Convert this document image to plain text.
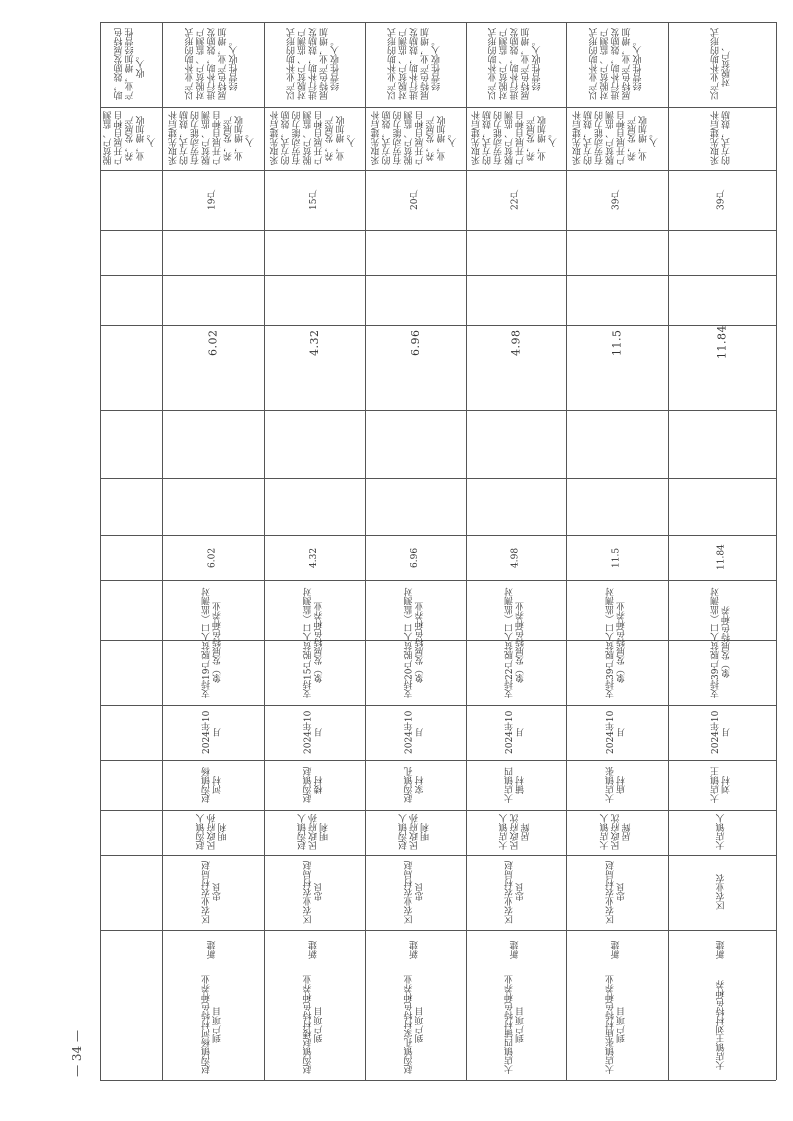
— 34 —
助，鼓励发展特色产业，增加经营性收入。
脱贫户、监测户开展自种自养，发展产业，增加收入。
以产业补助的形式对脱贫户、监测户进行补助，鼓励发展特色产业，增加经营性收入。
采取先建后补的方式，鼓励有劳动能力的脱贫户、监测户开展自种自养，发展产业，增加收入。
19户
6.02
6.02
支持19户脱贫人口（监测对象）发展特色种养业
2024年10月
赵沟镇杨河村
赵沟镇人民政府孙明利
区农业农村局赵忠良
新建
赵沟镇杨河村特色种养业到户项目
以产业补助的形式对脱贫户、监测户进行补助，鼓励发展特色产业，增加经营性收入。
采取先建后补的方式，鼓励有劳动能力的脱贫户、监测户开展自种自养，发展产业，增加收入。
15户
4.32
4.32
支持15户脱贫人口（监测对象）发展特色种养业
2024年10月
赵沟镇赵楼村
赵沟镇人民政府孙明利
区农业农村局赵忠良
新建
赵沟镇赵楼村特色种养业到户项目
以产业补助的形式对脱贫户、监测户进行补助，鼓励发展特色产业，增加经营性收入。
采取先建后补的方式，鼓励有劳动能力的脱贫户、监测户开展自种自养，发展产业，增加收入。
20户
6.96
6.96
支持20户脱贫人口（监测对象）发展特色种养业
2024年10月
赵沟镇孔家村
赵沟镇人民政府孙明利
区农业农村局赵忠良
新建
赵沟镇孔家村特色种养业到户项目
以产业补助的形式对脱贫户、监测户进行补助，鼓励发展特色产业，增加经营性收入。
采取先建后补的方式，鼓励有劳动能力的脱贫户、监测户开展自种自养，发展产业，增加收入。
22户
4.98
4.98
支持22户脱贫人口（监测对象）发展特色种养业
2024年10月
大店镇四铺村
大店镇人民政府沈居辉
区农业农村局赵忠良
新建
大店镇四铺村特色种养业到户项目
以产业补助的形式对脱贫户、监测户进行补助，鼓励发展特色产业，增加经营性收入。
采取先建后补的方式，鼓励有劳动能力的脱贫户、监测户开展自种自养，发展产业，增加收入。
39户
11.5
11.5
支持39户脱贫人口（监测对象）发展特色种养业
2024年10月
大店镇张庙村
大店镇人民政府沈居辉
区农业农村局赵忠良
新建
大店镇张庙村特色种养业到户项目
以产业补助的形式对脱贫户、
采取先建后补的方式，鼓励
39户
11.84
11.84
支持39户脱贫人口（监测对象）发展特色种养
2024年10月
大店镇王刘村
大店镇人
区农业农
新建
大店镇王刘村特色种养
